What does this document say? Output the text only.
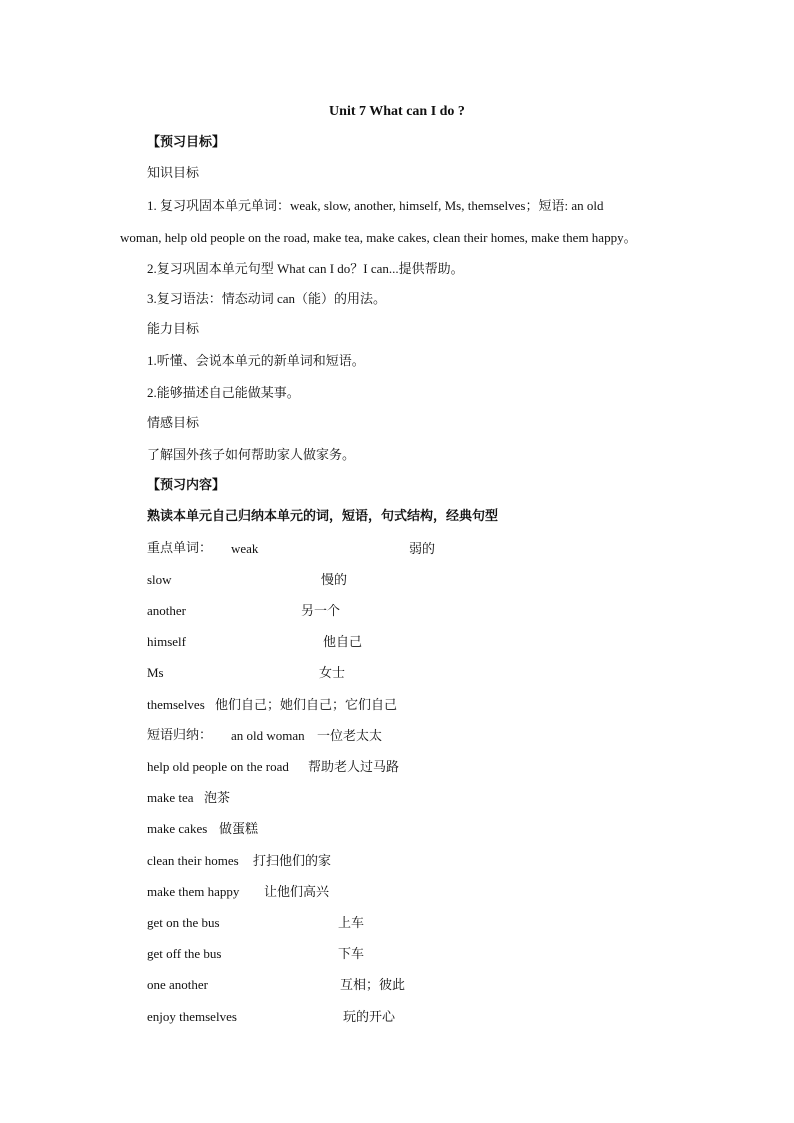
Unit 7 What can I do ?
【预习目标】
知识目标
1. 复习巩固本单元单词：weak, slow, another, himself, Ms, themselves；短语: an old
woman, help old people on the road, make tea, make cakes, clean their homes, make them happy。
2.复习巩固本单元句型 What can I do？I can...提供帮助。
3.复习语法：情态动词 can（能）的用法。
能力目标
1.听懂、会说本单元的新单词和短语。
2.能够描述自己能做某事。
情感目标
了解国外孩子如何帮助家人做家务。
【预习内容】
熟读本单元自己归纳本单元的词，短语，句式结构，经典句型
重点单词： weak	弱的
slow	慢的
another	另一个
himself	他自己
Ms	女士
themselves 他们自己；她们自己；它们自己
短语归纳： an old woman 一位老太太
help old people on the road 帮助老人过马路
make tea 泡茶
make cakes 做蛋糕
clean their homes 打扫他们的家
make them happy 让他们高兴
get on the bus	上车
get off the bus	下车
one another	互相；彼此
enjoy themselves	玩的开心
